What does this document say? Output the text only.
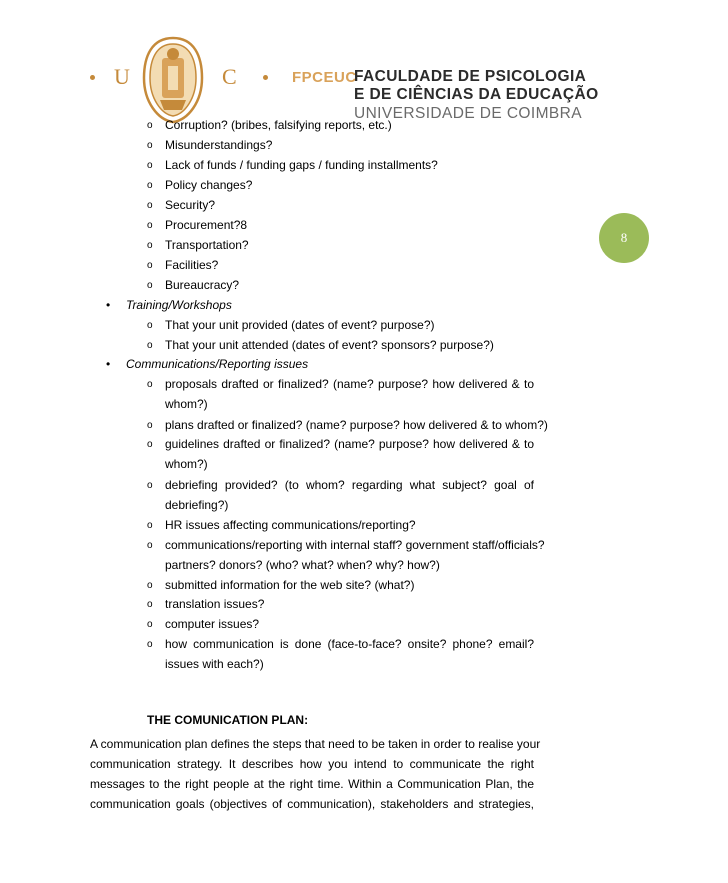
U	C	FPCEUC
FACULDADE DE PSICOLOGIA
E DE CIÊNCIAS DA EDUCAÇÃO
UNIVERSIDADE DE COIMBRA
8
o Corruption? (bribes, falsifying reports, etc.)
o Misunderstandings?
o Lack of funds / funding gaps / funding installments?
o Policy changes?
o Security?
o Procurement?8
o Transportation?
o Facilities?
o Bureaucracy?
• Training/Workshops
o That your unit provided (dates of event? purpose?)
o That your unit attended (dates of event? sponsors? purpose?)
• Communications/Reporting issues
o proposals drafted or finalized? (name? purpose? how delivered & to
whom?)
o plans drafted or finalized? (name? purpose? how delivered & to whom?)
o guidelines drafted or finalized? (name? purpose? how delivered & to
whom?)
o debriefing provided? (to whom? regarding what subject? goal of
debriefing?)
o HR issues affecting communications/reporting?
o communications/reporting with internal staff? government staff/officials?
partners? donors? (who? what? when? why? how?)
o submitted information for the web site? (what?)
o translation issues?
o computer issues?
o how communication is done (face-to-face? onsite? phone? email?
issues with each?)
THE COMUNICATION PLAN:
A communication plan defines the steps that need to be taken in order to realise your
communication strategy. It describes how you intend to communicate the right
messages to the right people at the right time. Within a Communication Plan, the
communication goals (objectives of communication), stakeholders and strategies,
